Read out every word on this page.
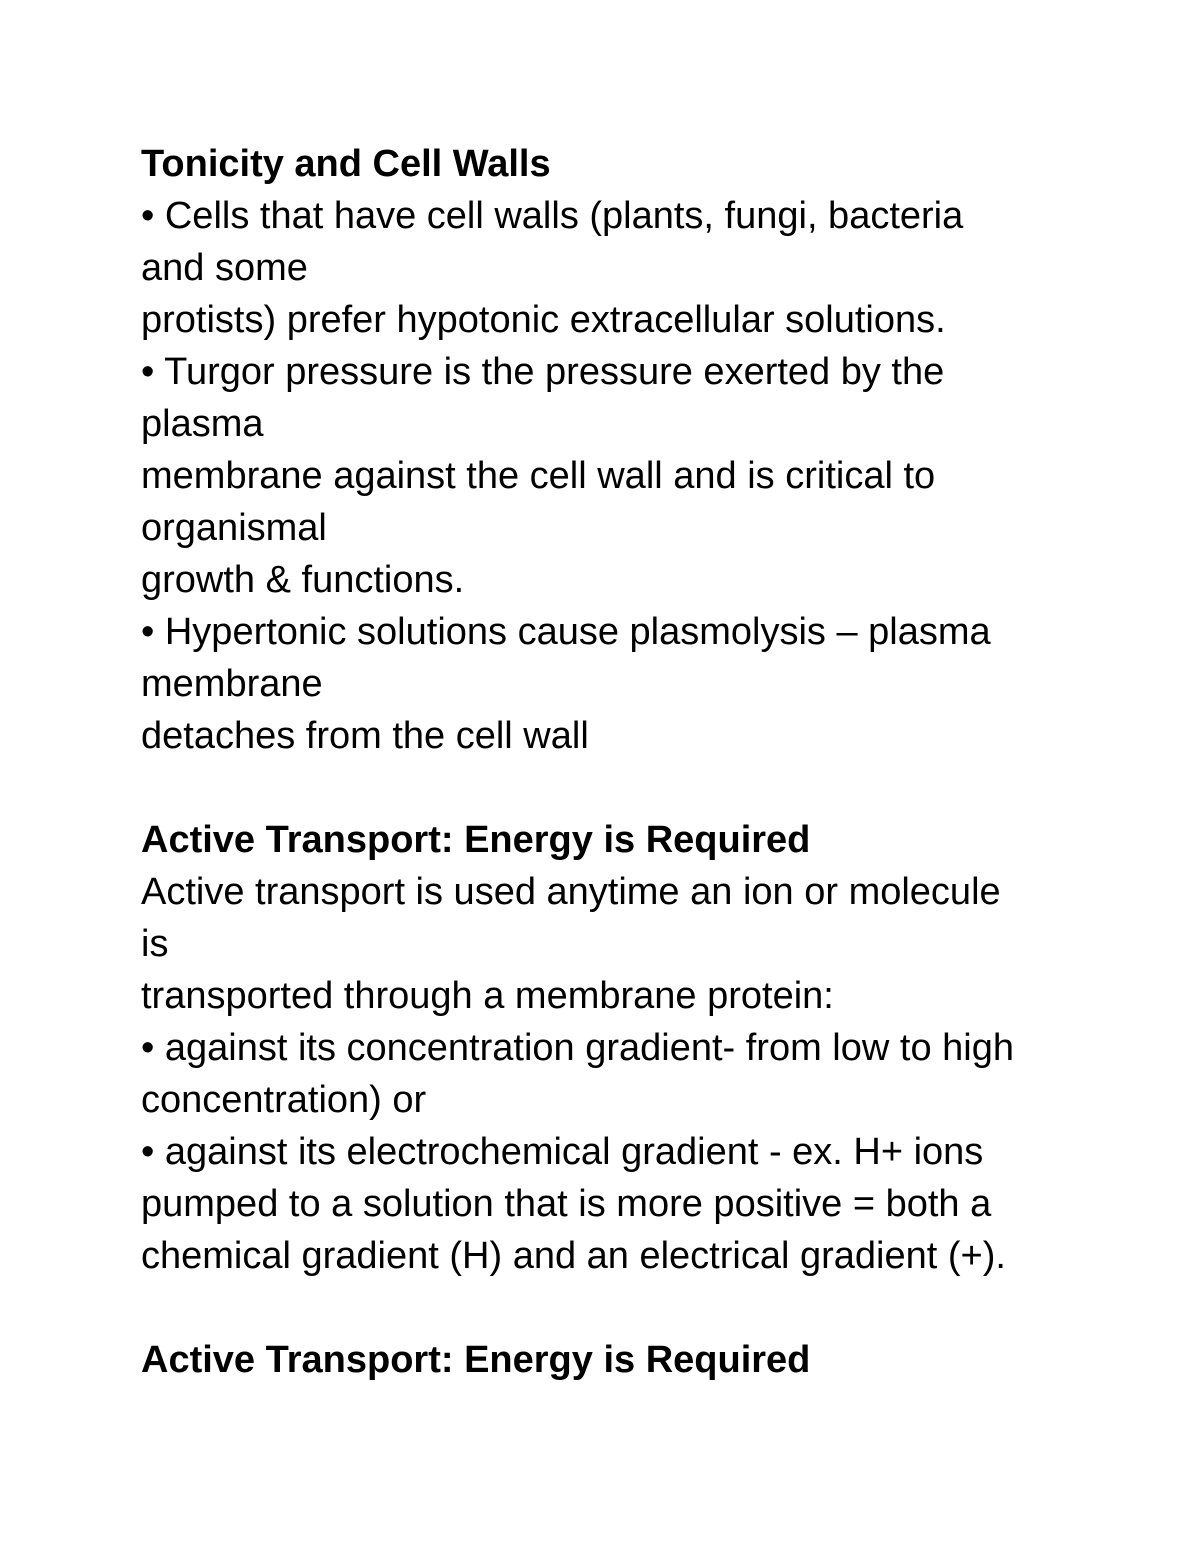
Tonicity and Cell Walls
• Cells that have cell walls (plants, fungi, bacteria
and some
protists) prefer hypotonic extracellular solutions.
• Turgor pressure is the pressure exerted by the
plasma
membrane against the cell wall and is critical to
organismal
growth & functions.
• Hypertonic solutions cause plasmolysis – plasma
membrane
detaches from the cell wall
Active Transport: Energy is Required
Active transport is used anytime an ion or molecule
is
transported through a membrane protein:
• against its concentration gradient- from low to high
concentration) or
• against its electrochemical gradient - ex. H+ ions
pumped to a solution that is more positive = both a
chemical gradient (H) and an electrical gradient (+).
Active Transport: Energy is Required
